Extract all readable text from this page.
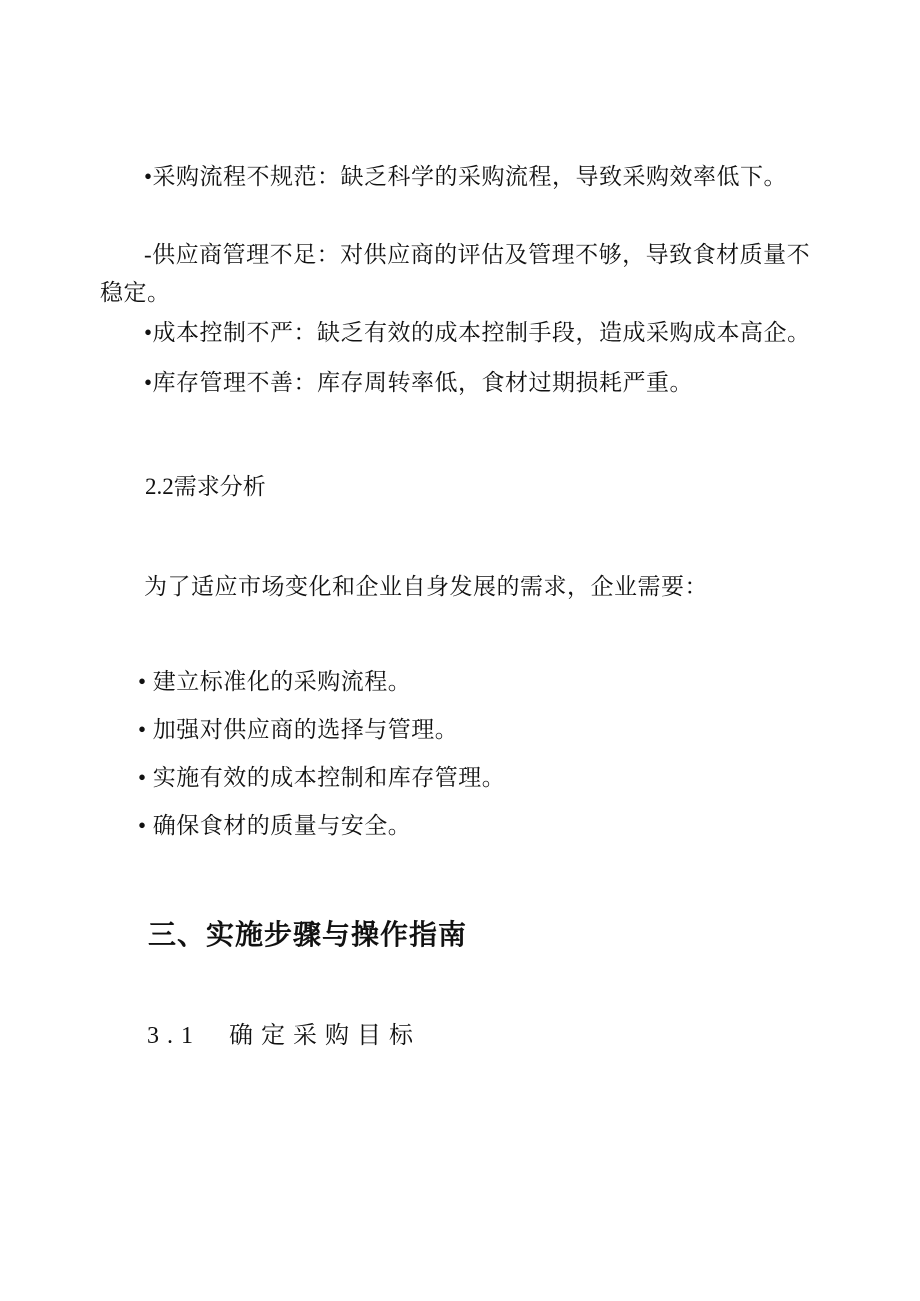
•采购流程不规范：缺乏科学的采购流程，导致采购效率低下。

-供应商管理不足：对供应商的评估及管理不够，导致食材质量不稳定。

•成本控制不严：缺乏有效的成本控制手段，造成采购成本高企。

•库存管理不善：库存周转率低，食材过期损耗严重。

2.2需求分析

为了适应市场变化和企业自身发展的需求，企业需要：

• 建立标准化的采购流程。

• 加强对供应商的选择与管理。

• 实施有效的成本控制和库存管理。

• 确保食材的质量与安全。

三、实施步骤与操作指南
3.1  确定采购目标
